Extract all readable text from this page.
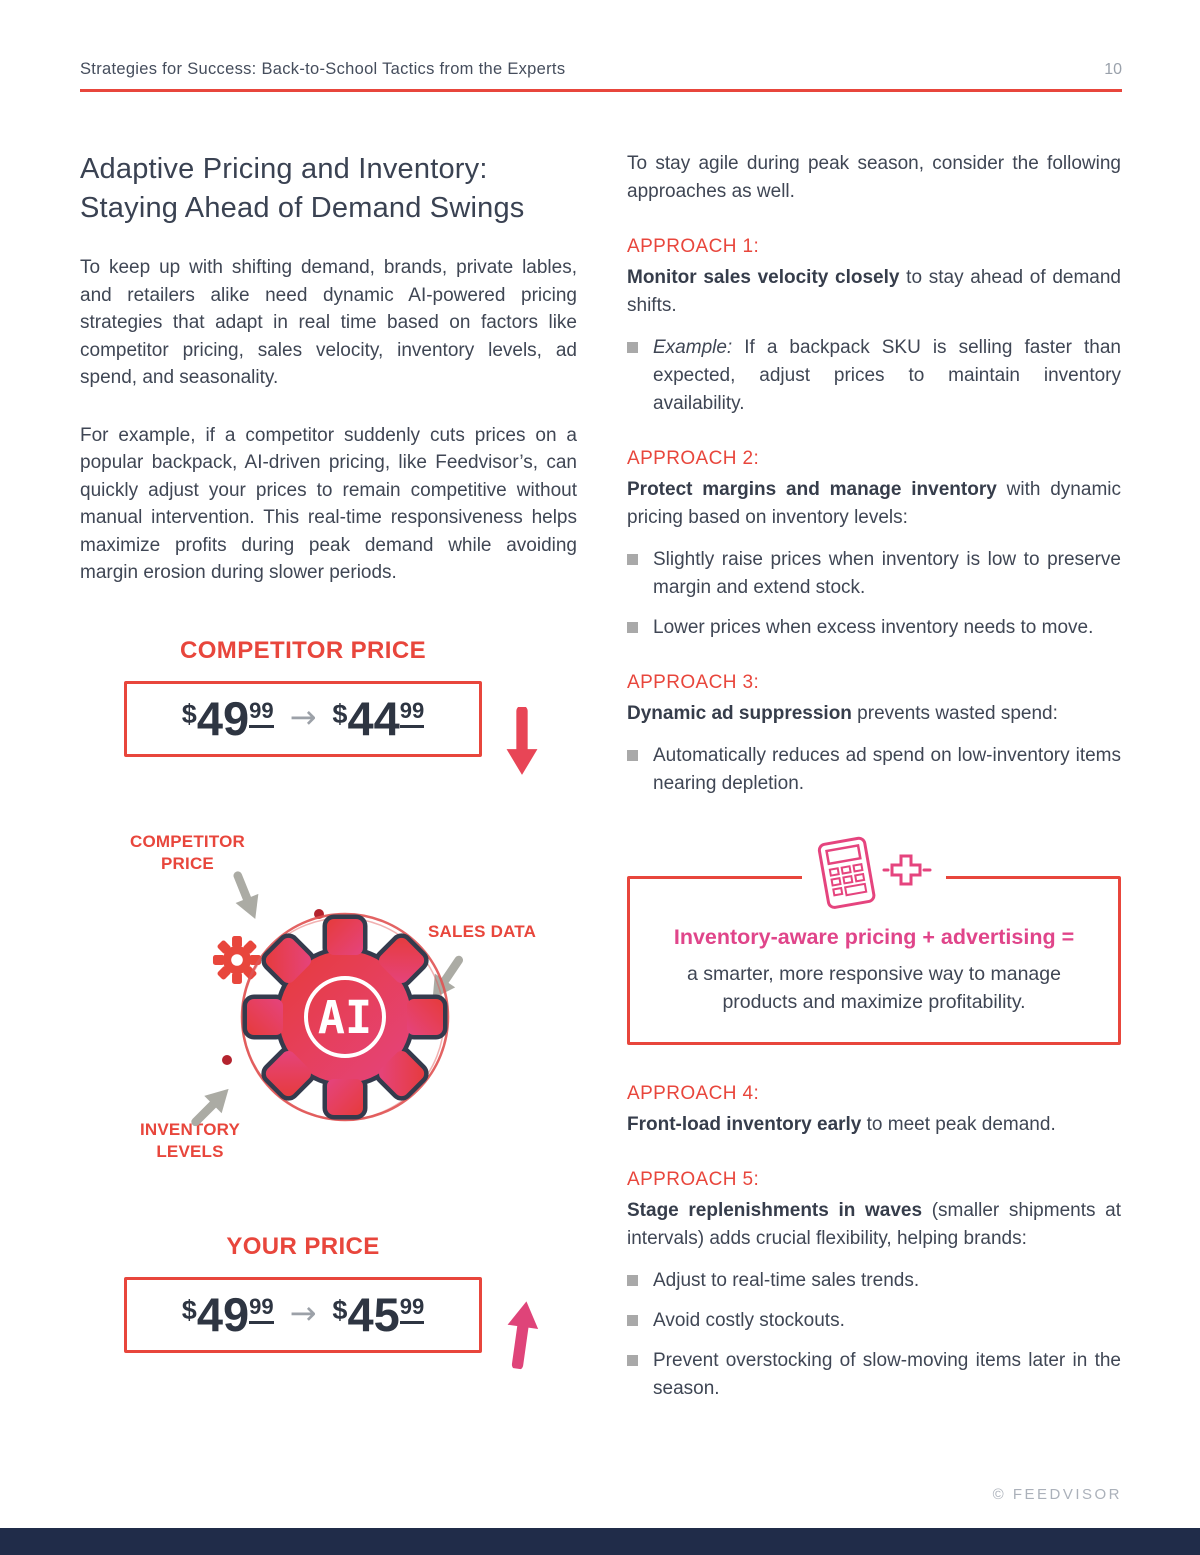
Strategies for Success: Back-to-School Tactics from the Experts	10
Adaptive Pricing and Inventory: Staying Ahead of Demand Swings

To keep up with shifting demand, brands, private lables, and retailers alike need dynamic AI-powered pricing strategies that adapt in real time based on factors like competitor pricing, sales velocity, inventory levels, ad spend, and seasonality.

For example, if a competitor suddenly cuts prices on a popular backpack, AI-driven pricing, like Feedvisor’s, can quickly adjust your prices to remain competitive without manual intervention. This real-time responsiveness helps maximize profits during peak demand while avoiding margin erosion during slower periods.

COMPETITOR PRICE
$ 49 99 → $ 44 99
COMPETITOR PRICE
SALES DATA
INVENTORY LEVELS
AI
YOUR PRICE
$ 49 99 → $ 45 99

To stay agile during peak season, consider the following approaches as well.

APPROACH 1:

Monitor sales velocity closely to stay ahead of demand shifts.

Example: If a backpack SKU is selling faster than expected, adjust prices to maintain inventory availability.

APPROACH 2:

Protect margins and manage inventory with dynamic pricing based on inventory levels:

Slightly raise prices when inventory is low to preserve margin and extend stock.

Lower prices when excess inventory needs to move.

APPROACH 3:

Dynamic ad suppression prevents wasted spend:

Automatically reduces ad spend on low-inventory items nearing depletion.

Inventory-aware pricing + advertising =
a smarter, more responsive way to manage products and maximize profitability.
APPROACH 4:

Front-load inventory early to meet peak demand.

APPROACH 5:

Stage replenishments in waves (smaller shipments at intervals) adds crucial flexibility, helping brands:

Adjust to real-time sales trends.

Avoid costly stockouts.

Prevent overstocking of slow-moving items later in the season.

© FEEDVISOR
